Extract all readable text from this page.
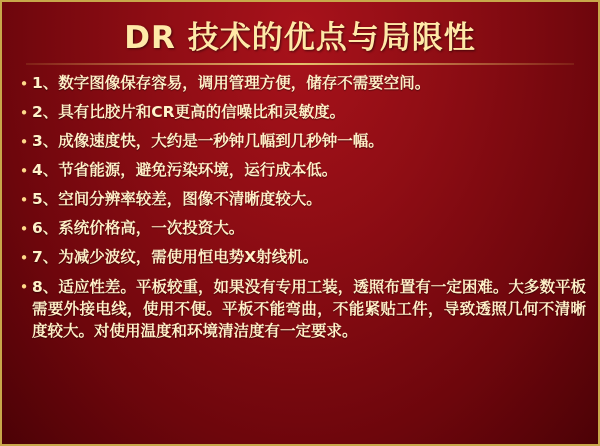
DR 技术的优点与局限性
• 1、数字图像保存容易，调用管理方便，储存不需要空间。
• 2、具有比胶片和CR更高的信噪比和灵敏度。
• 3、成像速度快，大约是一秒钟几幅到几秒钟一幅。
• 4、节省能源，避免污染环境，运行成本低。
• 5、空间分辨率较差，图像不清晰度较大。
• 6、系统价格高，一次投资大。
• 7、为减少波纹，需使用恒电势X射线机。
• 8、适应性差。平板较重，如果没有专用工装，透照布置有一定困难。大多数平板需要外接电线，使用不便。平板不能弯曲，不能紧贴工件，导致透照几何不清晰度较大。对使用温度和环境清洁度有一定要求。
